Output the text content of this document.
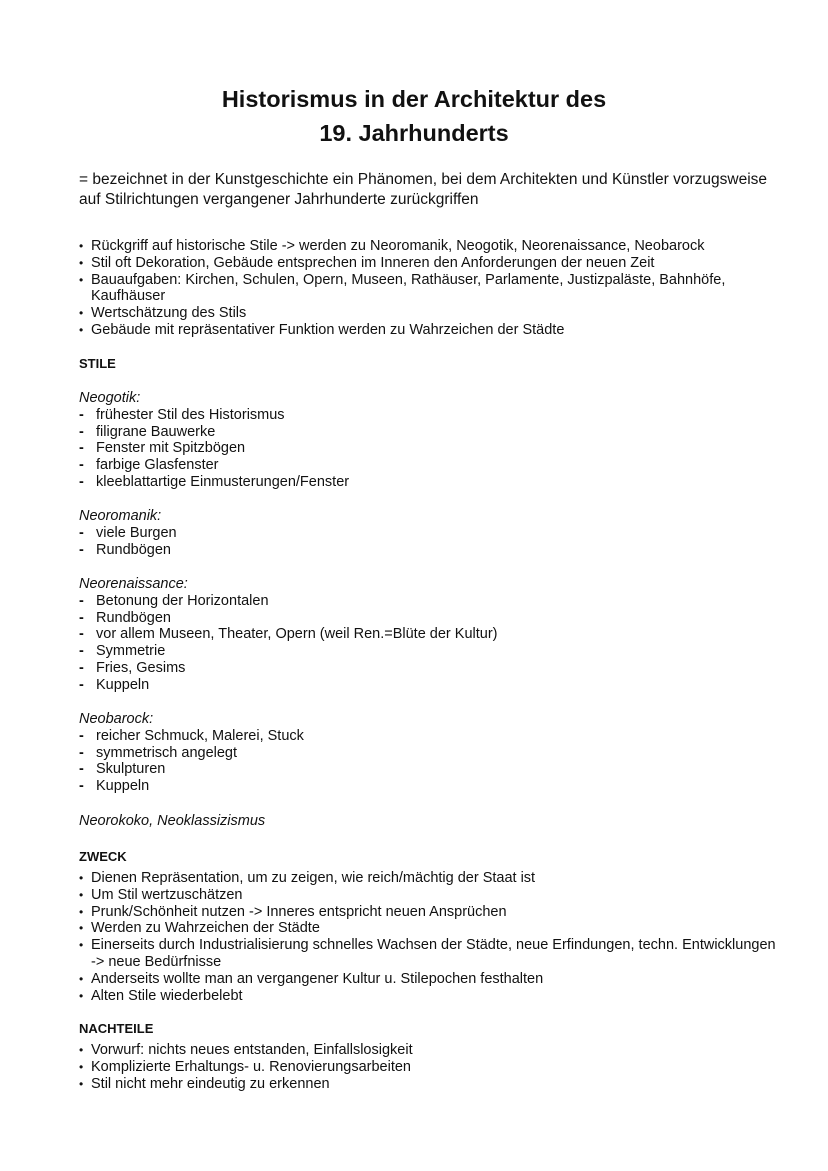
Historismus in der Architektur des
19. Jahrhunderts

= bezeichnet in der Kunstgeschichte ein Phänomen, bei dem Architekten und Künstler vorzugsweise auf Stilrichtungen vergangener Jahrhunderte zurückgriffen

• Rückgriff auf historische Stile -> werden zu Neoromanik, Neogotik, Neorenaissance, Neobarock
• Stil oft Dekoration, Gebäude entsprechen im Inneren den Anforderungen der neuen Zeit
• Bauaufgaben: Kirchen, Schulen, Opern, Museen, Rathäuser, Parlamente, Justizpaläste, Bahnhöfe, Kaufhäuser
• Wertschätzung des Stils
• Gebäude mit repräsentativer Funktion werden zu Wahrzeichen der Städte
STILE

Neogotik:

- frühester Stil des Historismus
- filigrane Bauwerke
- Fenster mit Spitzbögen
- farbige Glasfenster
- kleeblattartige Einmusterungen/Fenster

Neoromanik:

- viele Burgen
- Rundbögen

Neorenaissance:

- Betonung der Horizontalen
- Rundbögen
- vor allem Museen, Theater, Opern (weil Ren.=Blüte der Kultur)
- Symmetrie
- Fries, Gesims
- Kuppeln

Neobarock:

- reicher Schmuck, Malerei, Stuck
- symmetrisch angelegt
- Skulpturen
- Kuppeln

Neorokoko, Neoklassizismus

ZWECK
• Dienen Repräsentation, um zu zeigen, wie reich/mächtig der Staat ist
• Um Stil wertzuschätzen
• Prunk/Schönheit nutzen -> Inneres entspricht neuen Ansprüchen
• Werden zu Wahrzeichen der Städte
• Einerseits durch Industrialisierung schnelles Wachsen der Städte, neue Erfindungen, techn. Entwicklungen -> neue Bedürfnisse
• Anderseits wollte man an vergangener Kultur u. Stilepochen festhalten
• Alten Stile wiederbelebt
NACHTEILE
• Vorwurf: nichts neues entstanden, Einfallslosigkeit
• Komplizierte Erhaltungs- u. Renovierungsarbeiten
• Stil nicht mehr eindeutig zu erkennen
